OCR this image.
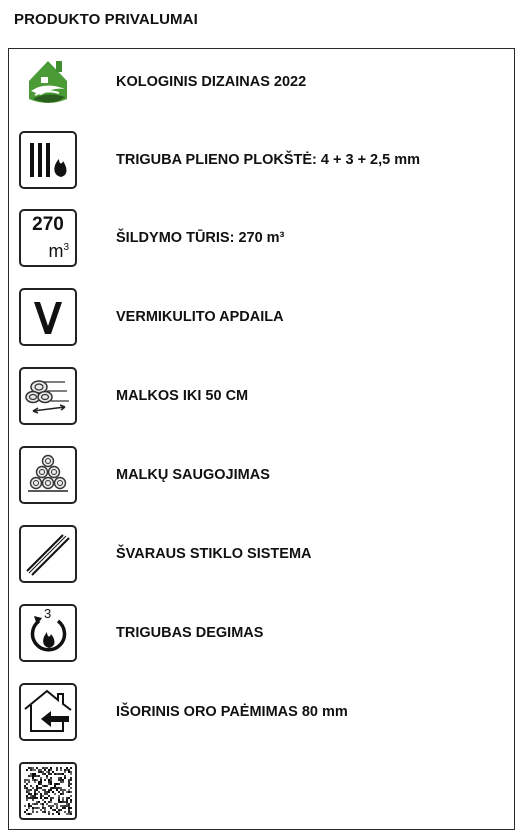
PRODUKTO PRIVALUMAI
KOLOGINIS DIZAINAS 2022
TRIGUBA PLIENO PLOKŠTĖ: 4 + 3 + 2,5 mm
270
$m^3$
ŠILDYMO TŪRIS: 270 m³
VERMIKULITO APDAILA
MALKOS IKI 50 CM
MALKŲ SAUGOJIMAS
ŠVARAUS STIKLO SISTEMA
3
TRIGUBAS DEGIMAS
IŠORINIS ORO PAĖMIMAS 80 mm
